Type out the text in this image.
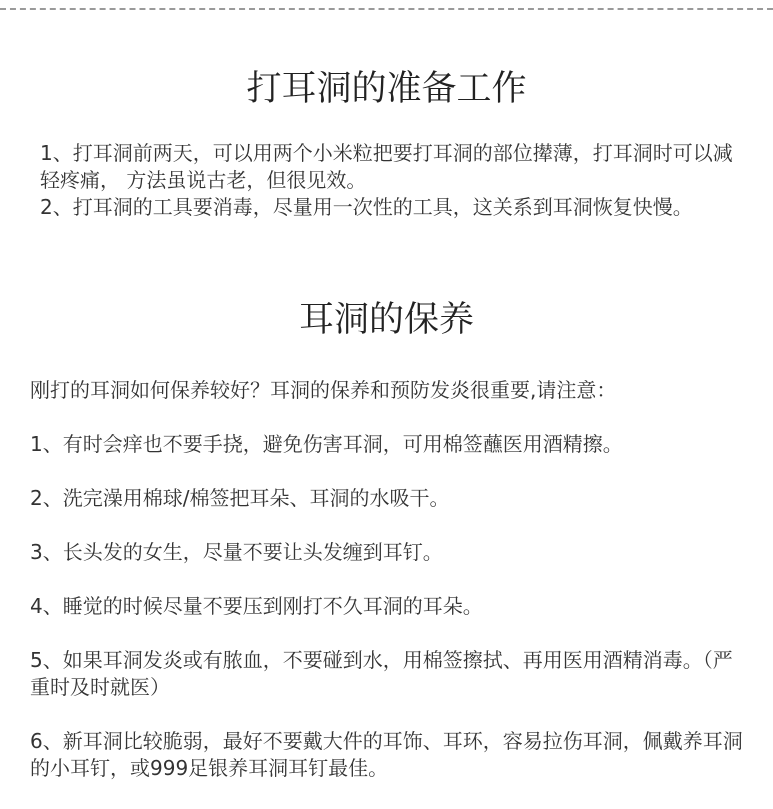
打耳洞的准备工作

1、打耳洞前两天，可以用两个小米粒把要打耳洞的部位撵薄，打耳洞时可以减轻疼痛， 方法虽说古老，但很见效。

2、打耳洞的工具要消毒，尽量用一次性的工具，这关系到耳洞恢复快慢。

耳洞的保养

刚打的耳洞如何保养较好？耳洞的保养和预防发炎很重要,请注意：

1、有时会痒也不要手挠，避免伤害耳洞，可用棉签蘸医用酒精擦。

2、洗完澡用棉球/棉签把耳朵、耳洞的水吸干。

3、长头发的女生，尽量不要让头发缠到耳钉。

4、睡觉的时候尽量不要压到刚打不久耳洞的耳朵。

5、如果耳洞发炎或有脓血，不要碰到水，用棉签擦拭、再用医用酒精消毒。（严重时及时就医）

6、新耳洞比较脆弱，最好不要戴大件的耳饰、耳环，容易拉伤耳洞，佩戴养耳洞的小耳钉，或999足银养耳洞耳钉最佳。
